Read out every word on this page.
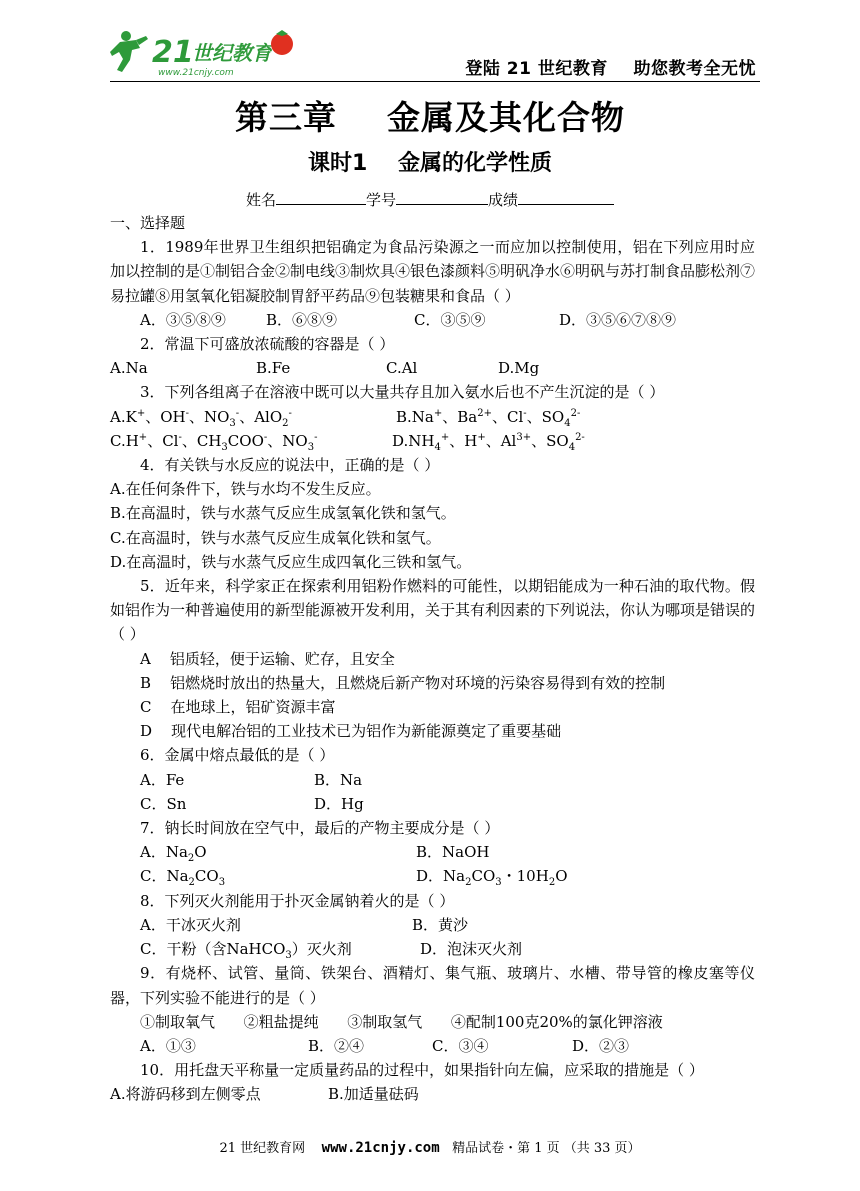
21
世纪教育
www.21cnjy.com	登陆 21 世纪教育    助您教考全无忧
第三章    金属及其化合物
课时1    金属的化学性质
姓名	学号	成绩

一、选择题

1．1989年世界卫生组织把铝确定为食品污染源之一而应加以控制使用，铝在下列应用时应加以控制的是①制铝合金②制电线③制炊具④银色漆颜料⑤明矾净水⑥明矾与苏打制食品膨松剂⑦易拉罐⑧用氢氧化铝凝胶制胃舒平药品⑨包装糖果和食品（ ）

A．③⑤⑧⑨	B．⑥⑧⑨	C．③⑤⑨	D．③⑤⑥⑦⑧⑨

2．常温下可盛放浓硫酸的容器是（ ）

A.Na	B.Fe	C.Al	D.Mg

3．下列各组离子在溶液中既可以大量共存且加入氨水后也不产生沉淀的是（ ）

A.K+、OH-、$NO_3^-$、AlO$_2$-	B.Na+、$Ba^{2+}$、Cl-、$SO_4^{2-}$

C.H+、Cl-、$CH_3COO^-$、$NO_3^-$	$D.NH_4^+$、H+、$Al^{3+}$、$SO_4^{2-}$

4．有关铁与水反应的说法中，正确的是（ ）

A.在任何条件下，铁与水均不发生反应。

B.在高温时，铁与水蒸气反应生成氢氧化铁和氢气。

C.在高温时，铁与水蒸气反应生成氧化铁和氢气。

D.在高温时，铁与水蒸气反应生成四氧化三铁和氢气。

5．近年来，科学家正在探索利用铝粉作燃料的可能性，以期铝能成为一种石油的取代物。假如铝作为一种普遍使用的新型能源被开发利用，关于其有利因素的下列说法，你认为哪项是错误的（ ）

A    铝质轻，便于运输、贮存，且安全

B    铝燃烧时放出的热量大，且燃烧后新产物对环境的污染容易得到有效的控制

C    在地球上，铝矿资源丰富

D    现代电解冶铝的工业技术已为铝作为新能源奠定了重要基础

6．金属中熔点最低的是（ ）

A．Fe	B．Na

C．Sn	D．Hg

7．钠长时间放在空气中，最后的产物主要成分是（ ）

A．$Na_2O$	B．NaOH

C．$Na_2CO_3$	D．$Na_2CO_3$・$10H_2O$

8．下列灭火剂能用于扑灭金属钠着火的是（ ）

A．干冰灭火剂	B．黄沙

C．干粉（含NaHCO$_3$）灭火剂	D．泡沫灭火剂

9．有烧杯、试管、量筒、铁架台、酒精灯、集气瓶、玻璃片、水槽、带导管的橡皮塞等仪器，下列实验不能进行的是（ ）

①制取氧气      ②粗盐提纯      ③制取氢气      ④配制100克20%的氯化钾溶液

A．①③	B．②④	C．③④	D．②③

10．用托盘天平称量一定质量药品的过程中，如果指针向左偏，应采取的措施是（ ）

A.将游码移到左侧零点	B.加适量砝码

21 世纪教育网 www.21cnjy.com 精品试卷・第 1 页 （共 33 页）
